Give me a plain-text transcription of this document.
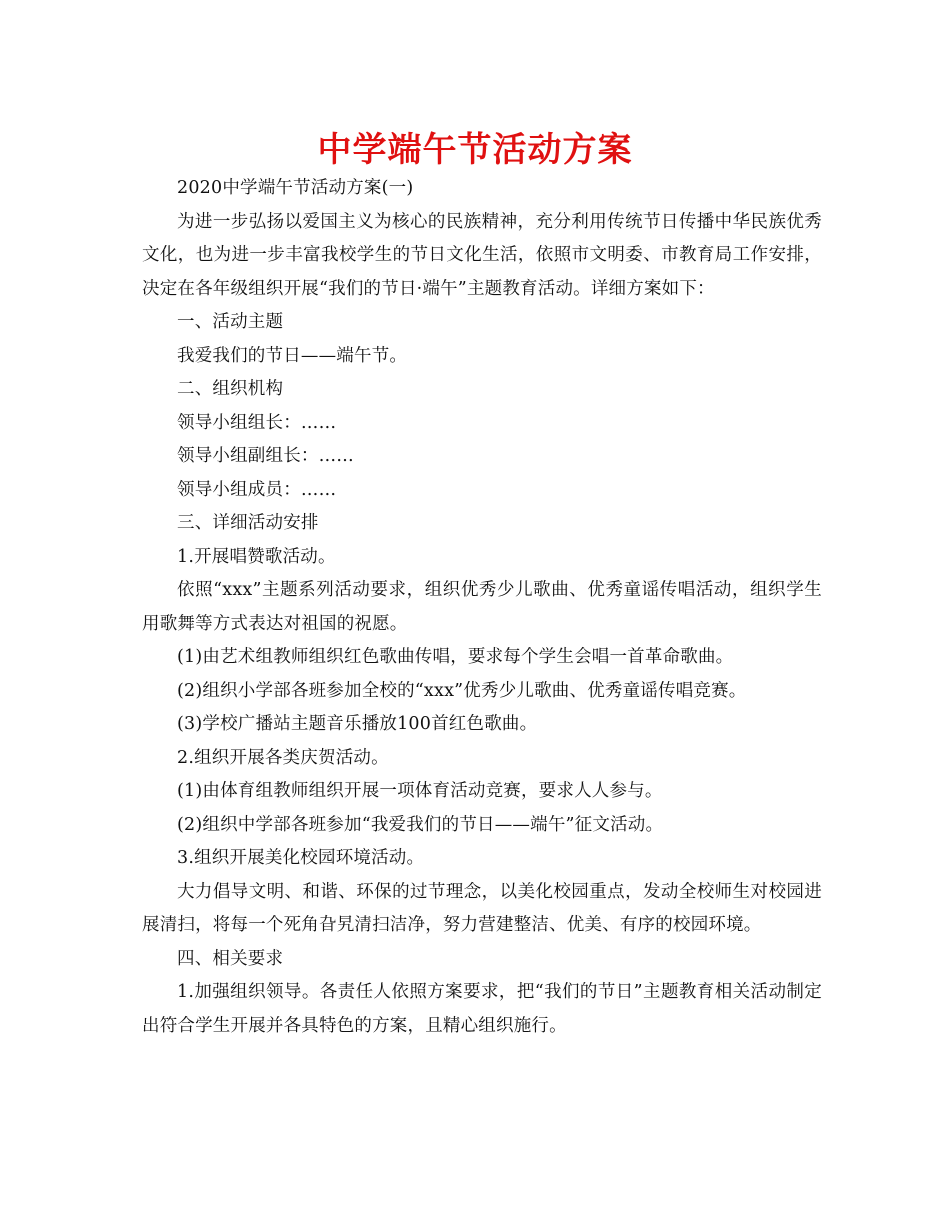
中学端午节活动方案

2020中学端午节活动方案(一)

为进一步弘扬以爱国主义为核心的民族精神，充分利用传统节日传播中华民族优秀文化，也为进一步丰富我校学生的节日文化生活，依照市文明委、市教育局工作安排，决定在各年级组织开展“我们的节日·端午”主题教育活动。详细方案如下：

一、活动主题

我爱我们的节日——端午节。

二、组织机构

领导小组组长：……

领导小组副组长：……

领导小组成员：……

三、详细活动安排

1.开展唱赞歌活动。

依照“xxx”主题系列活动要求，组织优秀少儿歌曲、优秀童谣传唱活动，组织学生用歌舞等方式表达对祖国的祝愿。

(1)由艺术组教师组织红色歌曲传唱，要求每个学生会唱一首革命歌曲。

(2)组织小学部各班参加全校的“xxx”优秀少儿歌曲、优秀童谣传唱竞赛。

(3)学校广播站主题音乐播放100首红色歌曲。

2.组织开展各类庆贺活动。

(1)由体育组教师组织开展一项体育活动竞赛，要求人人参与。

(2)组织中学部各班参加“我爱我们的节日——端午”征文活动。

3.组织开展美化校园环境活动。

大力倡导文明、和谐、环保的过节理念，以美化校园重点，发动全校师生对校园进展清扫，将每一个死角旮旯清扫洁净，努力营建整洁、优美、有序的校园环境。

四、相关要求

1.加强组织领导。各责任人依照方案要求，把“我们的节日”主题教育相关活动制定出符合学生开展并各具特色的方案，且精心组织施行。
